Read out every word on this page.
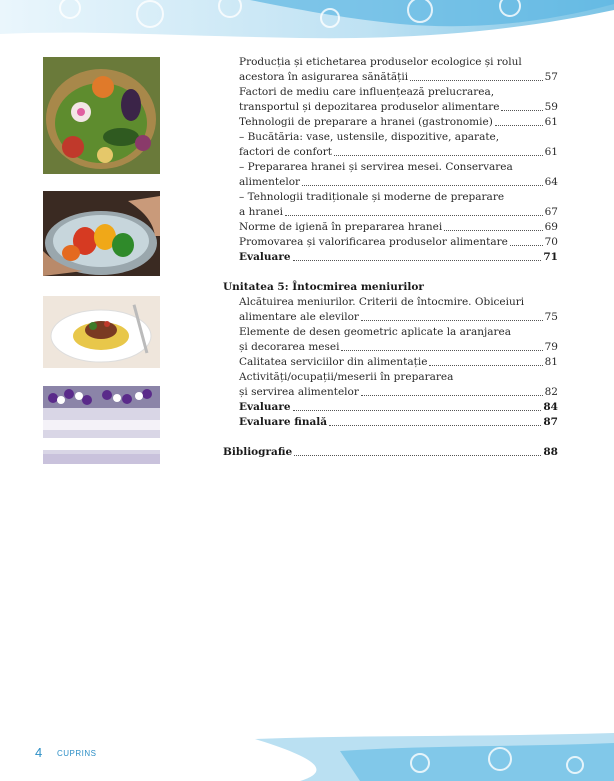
Producția și etichetarea produselor ecologice și rolul
acestora în asigurarea sănătății	57
Factori de mediu care influențează prelucrarea,
transportul și depozitarea produselor alimentare	59
Tehnologii de preparare a hranei (gastronomie)	61
– Bucătăria: vase, ustensile, dispozitive, aparate,
factori de confort	61
– Prepararea hranei și servirea mesei. Conservarea
alimentelor	64
– Tehnologii tradiționale și moderne de preparare
a hranei	67
Norme de igienă în prepararea hranei	69
Promovarea și valorificarea produselor alimentare	70
Evaluare	71
Unitatea 5: Întocmirea meniurilor
Alcătuirea meniurilor. Criterii de întocmire. Obiceiuri
alimentare ale elevilor	75
Elemente de desen geometric aplicate la aranjarea
și decorarea mesei	79
Calitatea serviciilor din alimentație	81
Activități/ocupații/meserii în prepararea
și servirea alimentelor	82
Evaluare	84
Evaluare finală	87
Bibliografie	88
4 CUPRINS
